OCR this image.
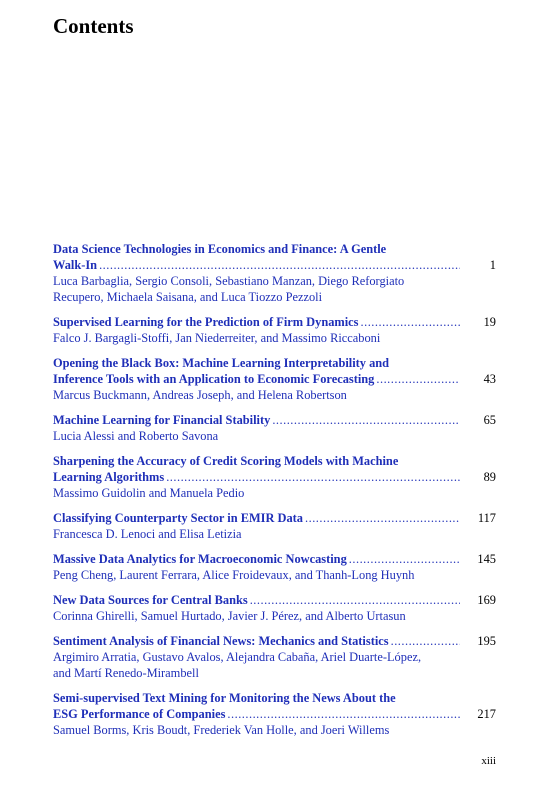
Contents
Data Science Technologies in Economics and Finance: A Gentle
Walk-In . . .	1
Luca Barbaglia, Sergio Consoli, Sebastiano Manzan, Diego Reforgiato
Recupero, Michaela Saisana, and Luca Tiozzo Pezzoli
Supervised Learning for the Prediction of Firm Dynamics . . .	19
Falco J. Bargagli-Stoffi, Jan Niederreiter, and Massimo Riccaboni
Opening the Black Box: Machine Learning Interpretability and
Inference Tools with an Application to Economic Forecasting . . .	43
Marcus Buckmann, Andreas Joseph, and Helena Robertson
Machine Learning for Financial Stability . . .	65
Lucia Alessi and Roberto Savona
Sharpening the Accuracy of Credit Scoring Models with Machine
Learning Algorithms . . .	89
Massimo Guidolin and Manuela Pedio
Classifying Counterparty Sector in EMIR Data . . .	117
Francesca D. Lenoci and Elisa Letizia
Massive Data Analytics for Macroeconomic Nowcasting . . .	145
Peng Cheng, Laurent Ferrara, Alice Froidevaux, and Thanh-Long Huynh
New Data Sources for Central Banks . . .	169
Corinna Ghirelli, Samuel Hurtado, Javier J. Pérez, and Alberto Urtasun
Sentiment Analysis of Financial News: Mechanics and Statistics . . .	195
Argimiro Arratia, Gustavo Avalos, Alejandra Cabaña, Ariel Duarte-López,
and Martí Renedo-Mirambell
Semi-supervised Text Mining for Monitoring the News About the
ESG Performance of Companies . . .	217
Samuel Borms, Kris Boudt, Frederiek Van Holle, and Joeri Willems
xiii
